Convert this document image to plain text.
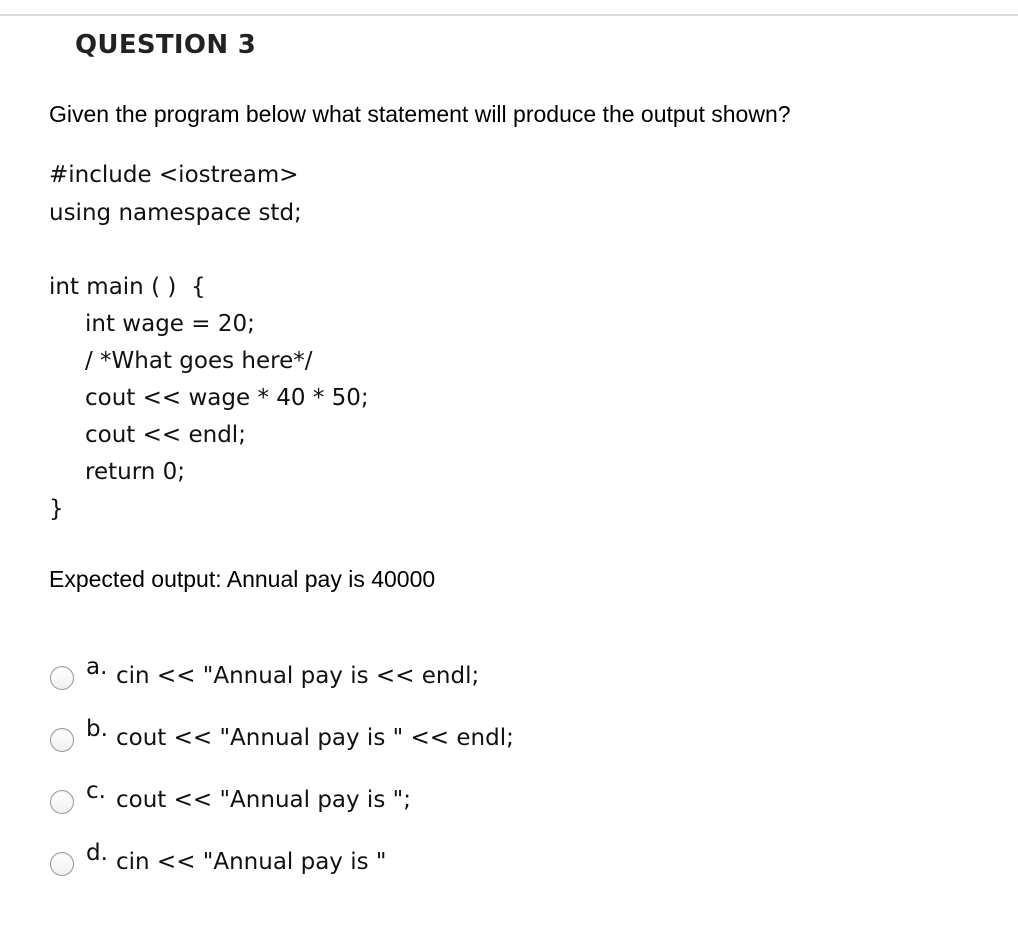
QUESTION 3
Given the program below what statement will produce the output shown?
#include <iostream>
using namespace std;
int main ( )  {
int wage = 20;
/ *What goes here*/
cout << wage * 40 * 50;
cout << endl;
return 0;
}
Expected output: Annual pay is 40000
a. cin << "Annual pay is << endl;
b. cout << "Annual pay is " << endl;
c. cout << "Annual pay is ";
d. cin << "Annual pay is "
